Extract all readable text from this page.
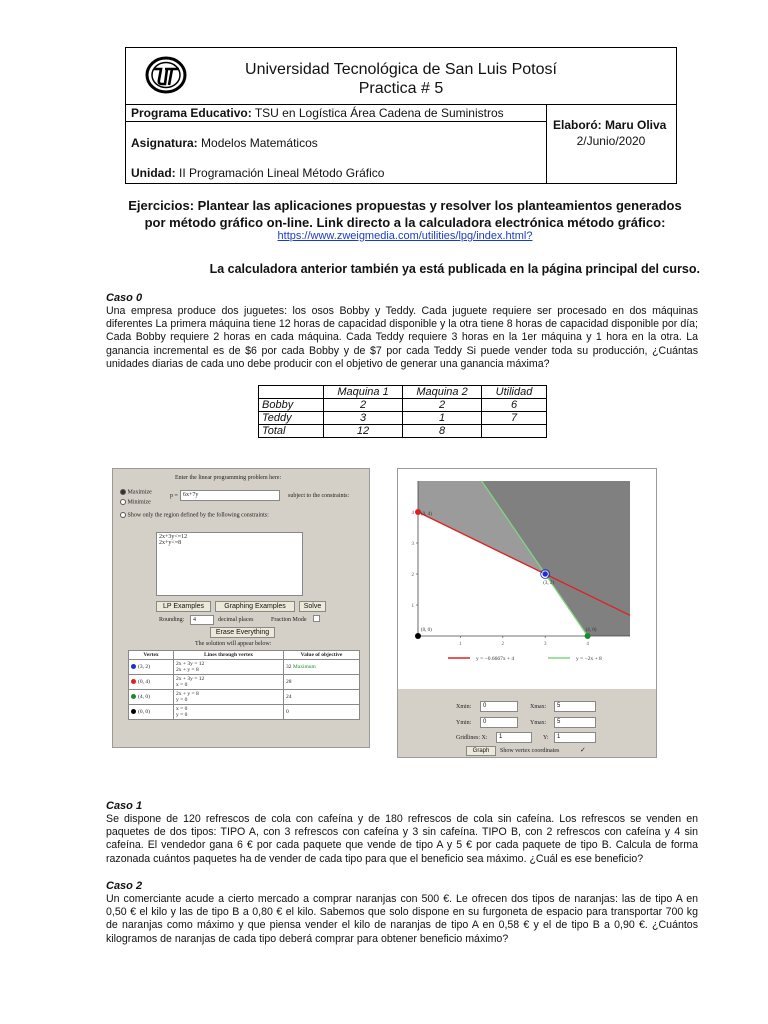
Universidad Tecnológica de San Luis Potosí
Practica # 5
Programa Educativo: TSU en Logística Área Cadena de Suministros
Asignatura: Modelos Matemáticos
Unidad: II Programación Lineal Método Gráfico
Elaboró: Maru Oliva
2/Junio/2020
Ejercicios: Plantear las aplicaciones propuestas y resolver los planteamientos generados
por método gráfico on-line. Link directo a la calculadora electrónica método gráfico:
https://www.zweigmedia.com/utilities/lpg/index.html?
La calculadora anterior también ya está publicada en la página principal del curso.
Caso 0
Una empresa produce dos juguetes: los osos Bobby y Teddy. Cada juguete requiere ser procesado en dos máquinas diferentes La primera máquina tiene 12 horas de capacidad disponible y la otra tiene 8 horas de capacidad disponible por día; Cada Bobby requiere 2 horas en cada máquina. Cada Teddy requiere 3 horas en la 1er máquina y 1 hora en la otra. La ganancia incremental es de $6 por cada Bobby y de $7 por cada Teddy Si puede vender toda su producción, ¿Cuántas unidades diarias de cada uno debe producir con el objetivo de generar una ganancia máxima?
	Maquina 1	Maquina 2	Utilidad
Bobby	2	2	6
Teddy	3	1	7
Total	12	8	
Enter the linear programming problem here:
Maximize
Minimize
p = 6x+7y	subject to the constraints:
Show only the region defined by the following constraints:
2x+3y<=12
2x+y<=8
LP Examples	Graphing Examples	Solve
Rounding:	4	decimal places	Fraction Mode
Erase Everything
The solution will appear below:
Vertex	Lines through vertex	Value of objective
(3, 2)	2x + 3y = 12
2x + y = 8	32 Maximum
(0, 4)	2x + 3y = 12
x = 0	28
(4, 0)	2x + y = 8
y = 0	24
(0, 0)	x = 0
y = 0	0
1	2	3	4
1
2
3
4 (0, 4)
(3, 2)
(4, 0)
(0, 0)
y = −0.6667x + 4	y = −2x + 8
Xmin:	0	Xmax:	5
Ymin:	0	Ymax:	5
Gridlines: X:	1	Y:	1
Graph	Show vertex coordinates	✓
Caso 1
Se dispone de 120 refrescos de cola con cafeína y de 180 refrescos de cola sin cafeína. Los refrescos se venden en paquetes de dos tipos: TIPO A, con 3 refrescos con cafeína y 3 sin cafeína. TIPO B, con 2 refrescos con cafeína y 4 sin cafeína. El vendedor gana 6 € por cada paquete que vende de tipo A y 5 € por cada paquete de tipo B. Calcula de forma razonada cuántos paquetes ha de vender de cada tipo para que el beneficio sea máximo. ¿Cuál es ese beneficio?
Caso 2
Un comerciante acude a cierto mercado a comprar naranjas con 500 €. Le ofrecen dos tipos de naranjas: las de tipo A en 0,50 € el kilo y las de tipo B a 0,80 € el kilo. Sabemos que solo dispone en su furgoneta de espacio para transportar 700 kg de naranjas como máximo y que piensa vender el kilo de naranjas de tipo A en 0,58 € y el de tipo B a 0,90 €. ¿Cuántos kilogramos de naranjas de cada tipo deberá comprar para obtener beneficio máximo?
